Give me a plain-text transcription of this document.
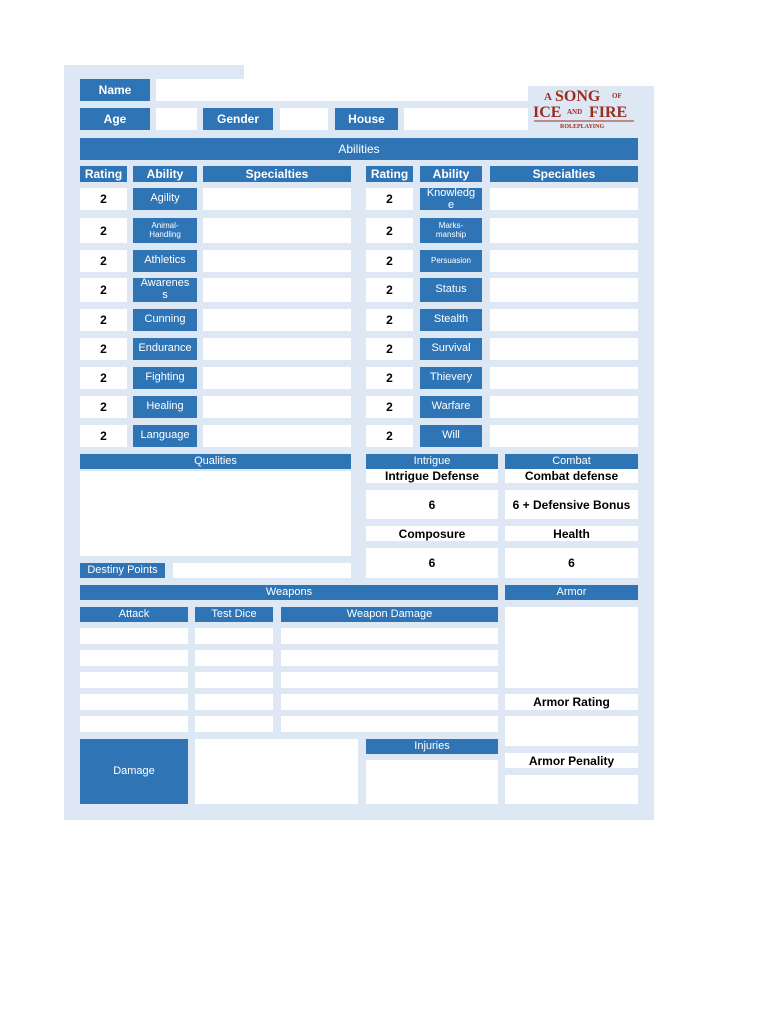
Name
Age	Gender	House
A SONG OF
ICE AND FIRE
ROLEPLAYING
Abilities
Rating	Ability	Specialties	Rating	Ability	Specialties
2	Agility
2	Animal-Handling
2	Athletics
2	Awareness
2	Cunning
2	Endurance
2	Fighting
2	Healing
2	Language
2	Knowledge
2	Marks-manship
2	Persuasion
2	Status
2	Stealth
2	Survival
2	Thievery
2	Warfare
2	Will
Qualities
Destiny Points
Intrigue
Intrigue Defense
6
Composure
6
Combat
Combat defense
6 + Defensive Bonus
Health
6
Weapons
Attack	Test Dice	Weapon Damage
Armor
Armor Rating
Armor Penality
Damage
Injuries
